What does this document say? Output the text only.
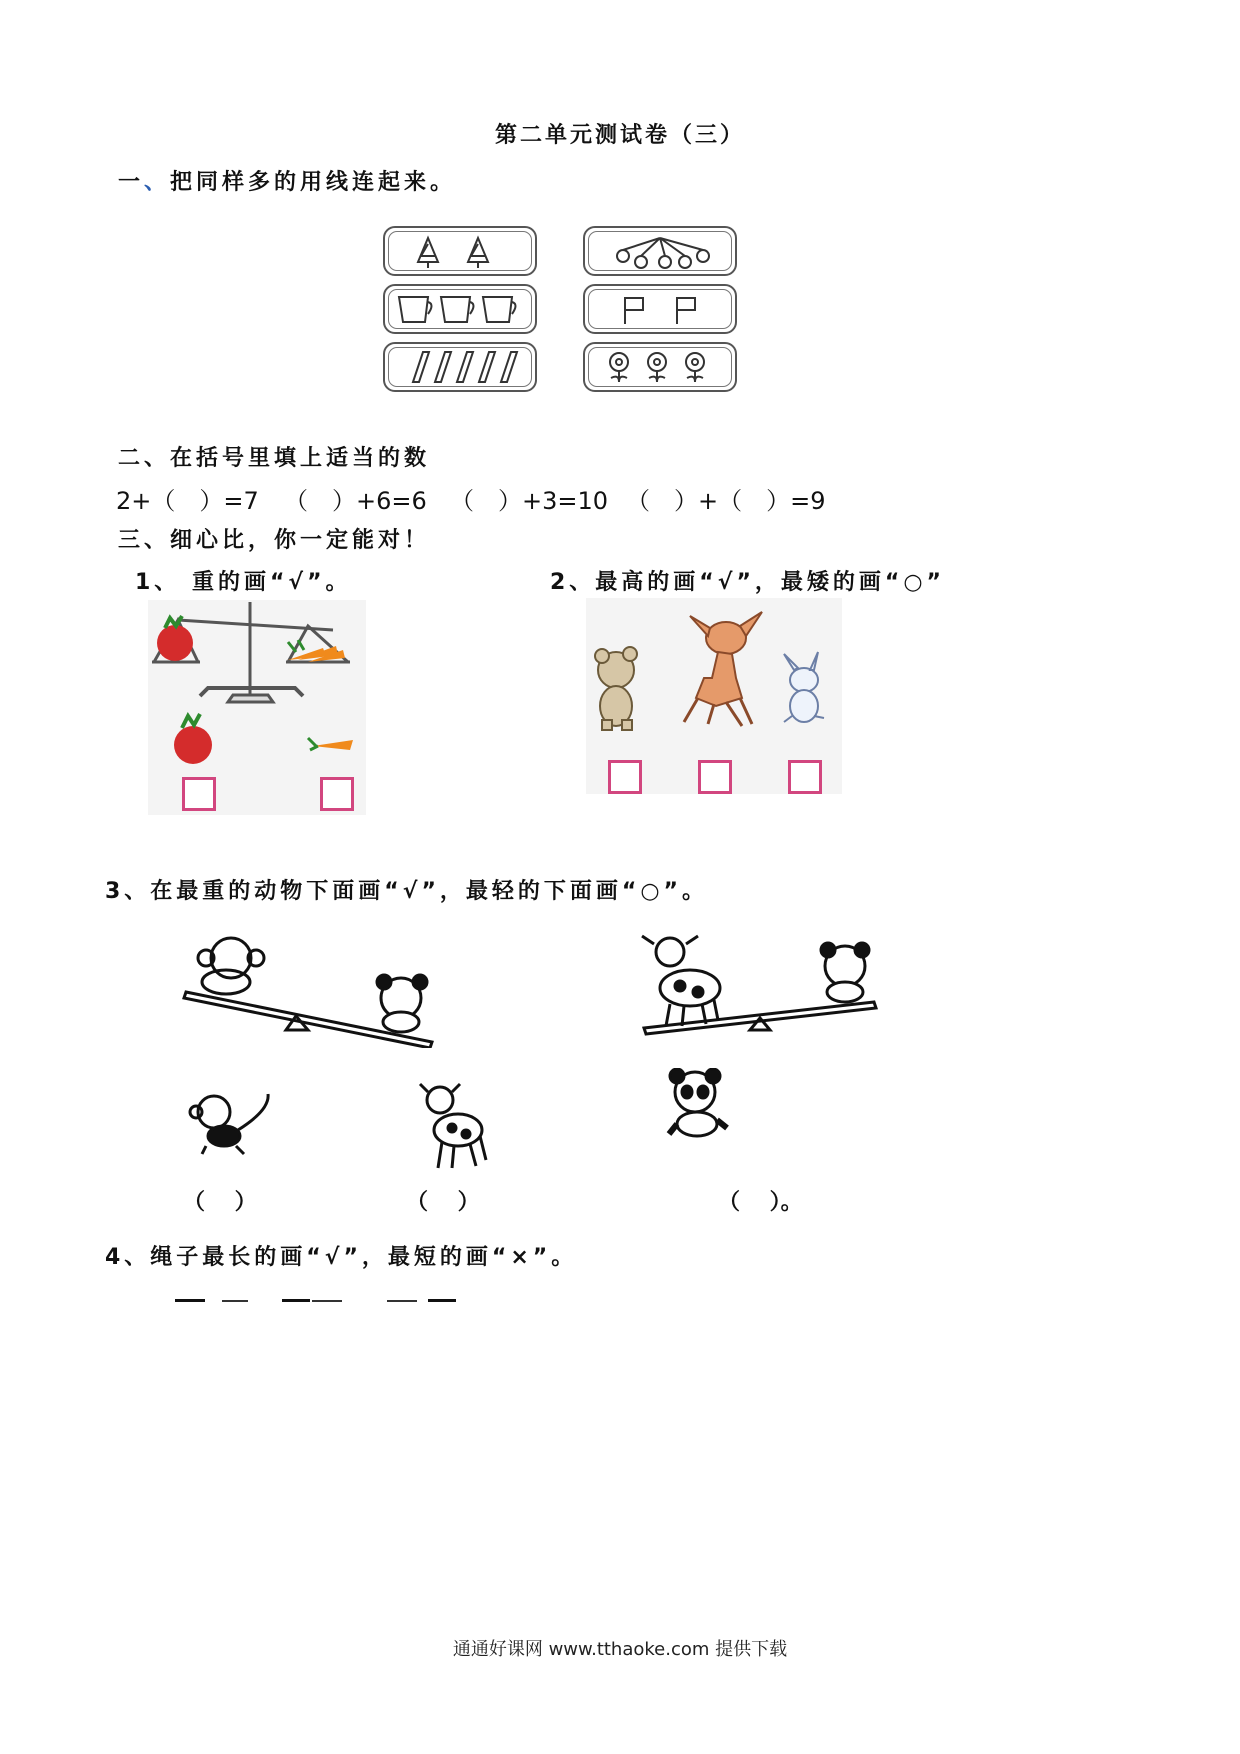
第二单元测试卷（三）
一、把同样多的用线连起来。
二、在括号里填上适当的数
2+（　）=7 （　）+6=6 （　）+3=10 （　）+（　）=9
三、细心比，你一定能对！
1、 重的画“√”。	2、最高的画“√”，最矮的画“○”
3、在最重的动物下面画“√”，最轻的下面画“○”。
（　 ）	（　 ）	（　 ）。
4、绳子最长的画“√”，最短的画“×”。
通通好课网 www.tthaoke.com 提供下载
